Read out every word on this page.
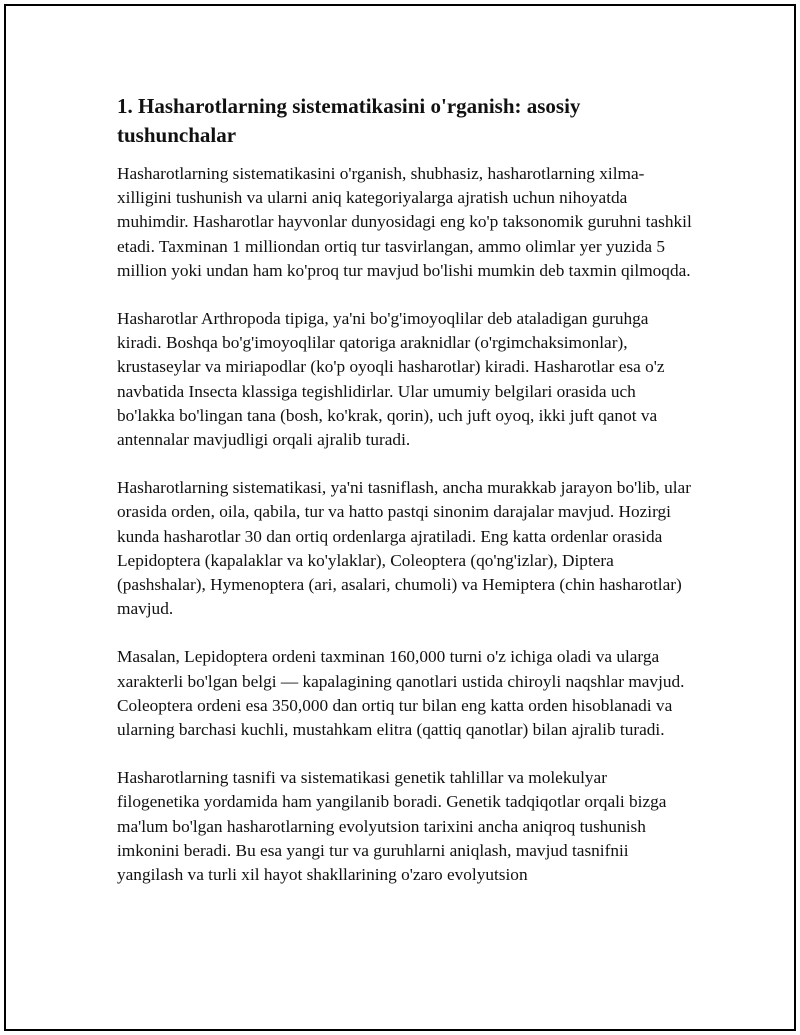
1. Hasharotlarning sistematikasini o'rganish: asosiy tushunchalar

Hasharotlarning sistematikasini o'rganish, shubhasiz, hasharotlarning xilma-xilligini tushunish va ularni aniq kategoriyalarga ajratish uchun nihoyatda muhimdir. Hasharotlar hayvonlar dunyosidagi eng ko'p taksonomik guruhni tashkil etadi. Taxminan 1 milliondan ortiq tur tasvirlangan, ammo olimlar yer yuzida 5 million yoki undan ham ko'proq tur mavjud bo'lishi mumkin deb taxmin qilmoqda.

Hasharotlar Arthropoda tipiga, ya'ni bo'g'imoyoqlilar deb ataladigan guruhga kiradi. Boshqa bo'g'imoyoqlilar qatoriga araknidlar (o'rgimchaksimonlar), krustaseylar va miriapodlar (ko'p oyoqli hasharotlar) kiradi. Hasharotlar esa o'z navbatida Insecta klassiga tegishlidirlar. Ular umumiy belgilari orasida uch bo'lakka bo'lingan tana (bosh, ko'krak, qorin), uch juft oyoq, ikki juft qanot va antennalar mavjudligi orqali ajralib turadi.

Hasharotlarning sistematikasi, ya'ni tasniflash, ancha murakkab jarayon bo'lib, ular orasida orden, oila, qabila, tur va hatto pastqi sinonim darajalar mavjud. Hozirgi kunda hasharotlar 30 dan ortiq ordenlarga ajratiladi. Eng katta ordenlar orasida Lepidoptera (kapalaklar va ko'ylaklar), Coleoptera (qo'ng'izlar), Diptera (pashshalar), Hymenoptera (ari, asalari, chumoli) va Hemiptera (chin hasharotlar) mavjud.

Masalan, Lepidoptera ordeni taxminan 160,000 turni o'z ichiga oladi va ularga xarakterli bo'lgan belgi — kapalagining qanotlari ustida chiroyli naqshlar mavjud. Coleoptera ordeni esa 350,000 dan ortiq tur bilan eng katta orden hisoblanadi va ularning barchasi kuchli, mustahkam elitra (qattiq qanotlar) bilan ajralib turadi.

Hasharotlarning tasnifi va sistematikasi genetik tahlillar va molekulyar filogenetika yordamida ham yangilanib boradi. Genetik tadqiqotlar orqali bizga ma'lum bo'lgan hasharotlarning evolyutsion tarixini ancha aniqroq tushunish imkonini beradi. Bu esa yangi tur va guruhlarni aniqlash, mavjud tasnifnii yangilash va turli xil hayot shakllarining o'zaro evolyutsion
